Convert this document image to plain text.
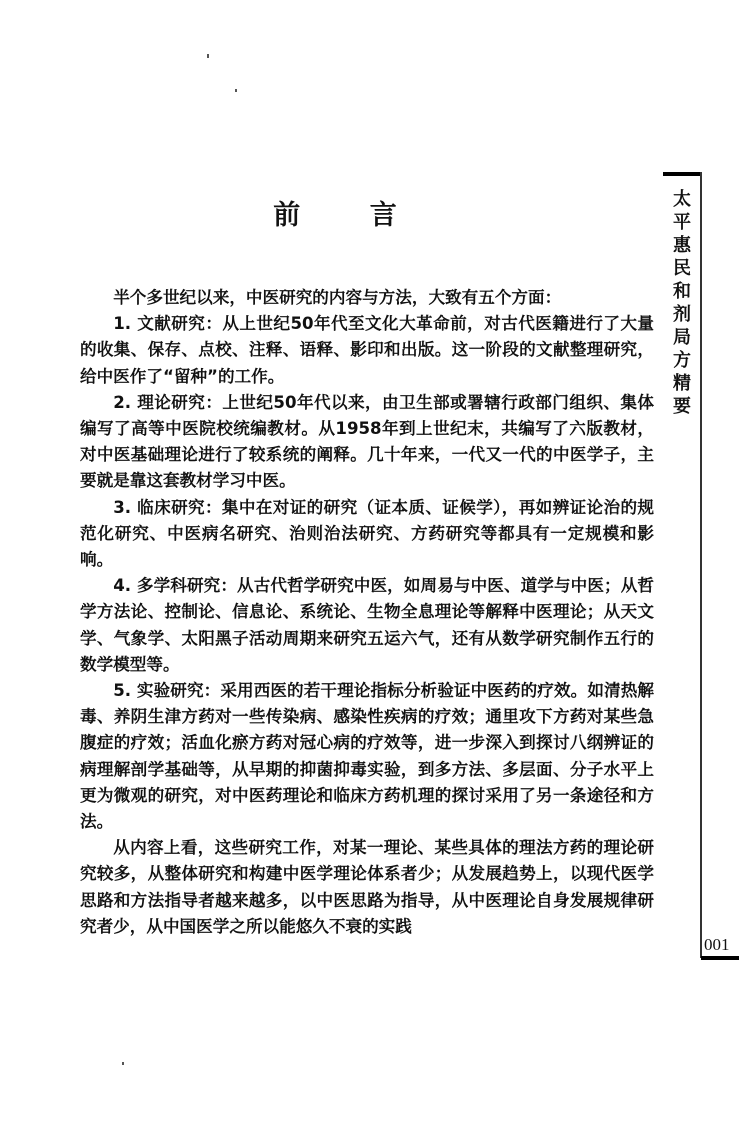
前 言

半个多世纪以来，中医研究的内容与方法，大致有五个方面：

1. 文献研究：从上世纪50年代至文化大革命前，对古代医籍进行了大量的收集、保存、点校、注释、语释、影印和出版。这一阶段的文献整理研究，给中医作了“留种”的工作。

2. 理论研究：上世纪50年代以来，由卫生部或署辖行政部门组织、集体编写了高等中医院校统编教材。从1958年到上世纪末，共编写了六版教材，对中医基础理论进行了较系统的阐释。几十年来，一代又一代的中医学子，主要就是靠这套教材学习中医。

3. 临床研究：集中在对证的研究（证本质、证候学），再如辨证论治的规范化研究、中医病名研究、治则治法研究、方药研究等都具有一定规模和影响。

4. 多学科研究：从古代哲学研究中医，如周易与中医、道学与中医；从哲学方法论、控制论、信息论、系统论、生物全息理论等解释中医理论；从天文学、气象学、太阳黑子活动周期来研究五运六气，还有从数学研究制作五行的数学模型等。

5. 实验研究：采用西医的若干理论指标分析验证中医药的疗效。如清热解毒、养阴生津方药对一些传染病、感染性疾病的疗效；通里攻下方药对某些急腹症的疗效；活血化瘀方药对冠心病的疗效等，进一步深入到探讨八纲辨证的病理解剖学基础等，从早期的抑菌抑毒实验，到多方法、多层面、分子水平上更为微观的研究，对中医药理论和临床方药机理的探讨采用了另一条途径和方法。

从内容上看，这些研究工作，对某一理论、某些具体的理法方药的理论研究较多，从整体研究和构建中医学理论体系者少；从发展趋势上，以现代医学思路和方法指导者越来越多，以中医思路为指导，从中医理论自身发展规律研究者少，从中国医学之所以能悠久不衰的实践

太
平
惠
民
和
剂
局
方
精
要
001
